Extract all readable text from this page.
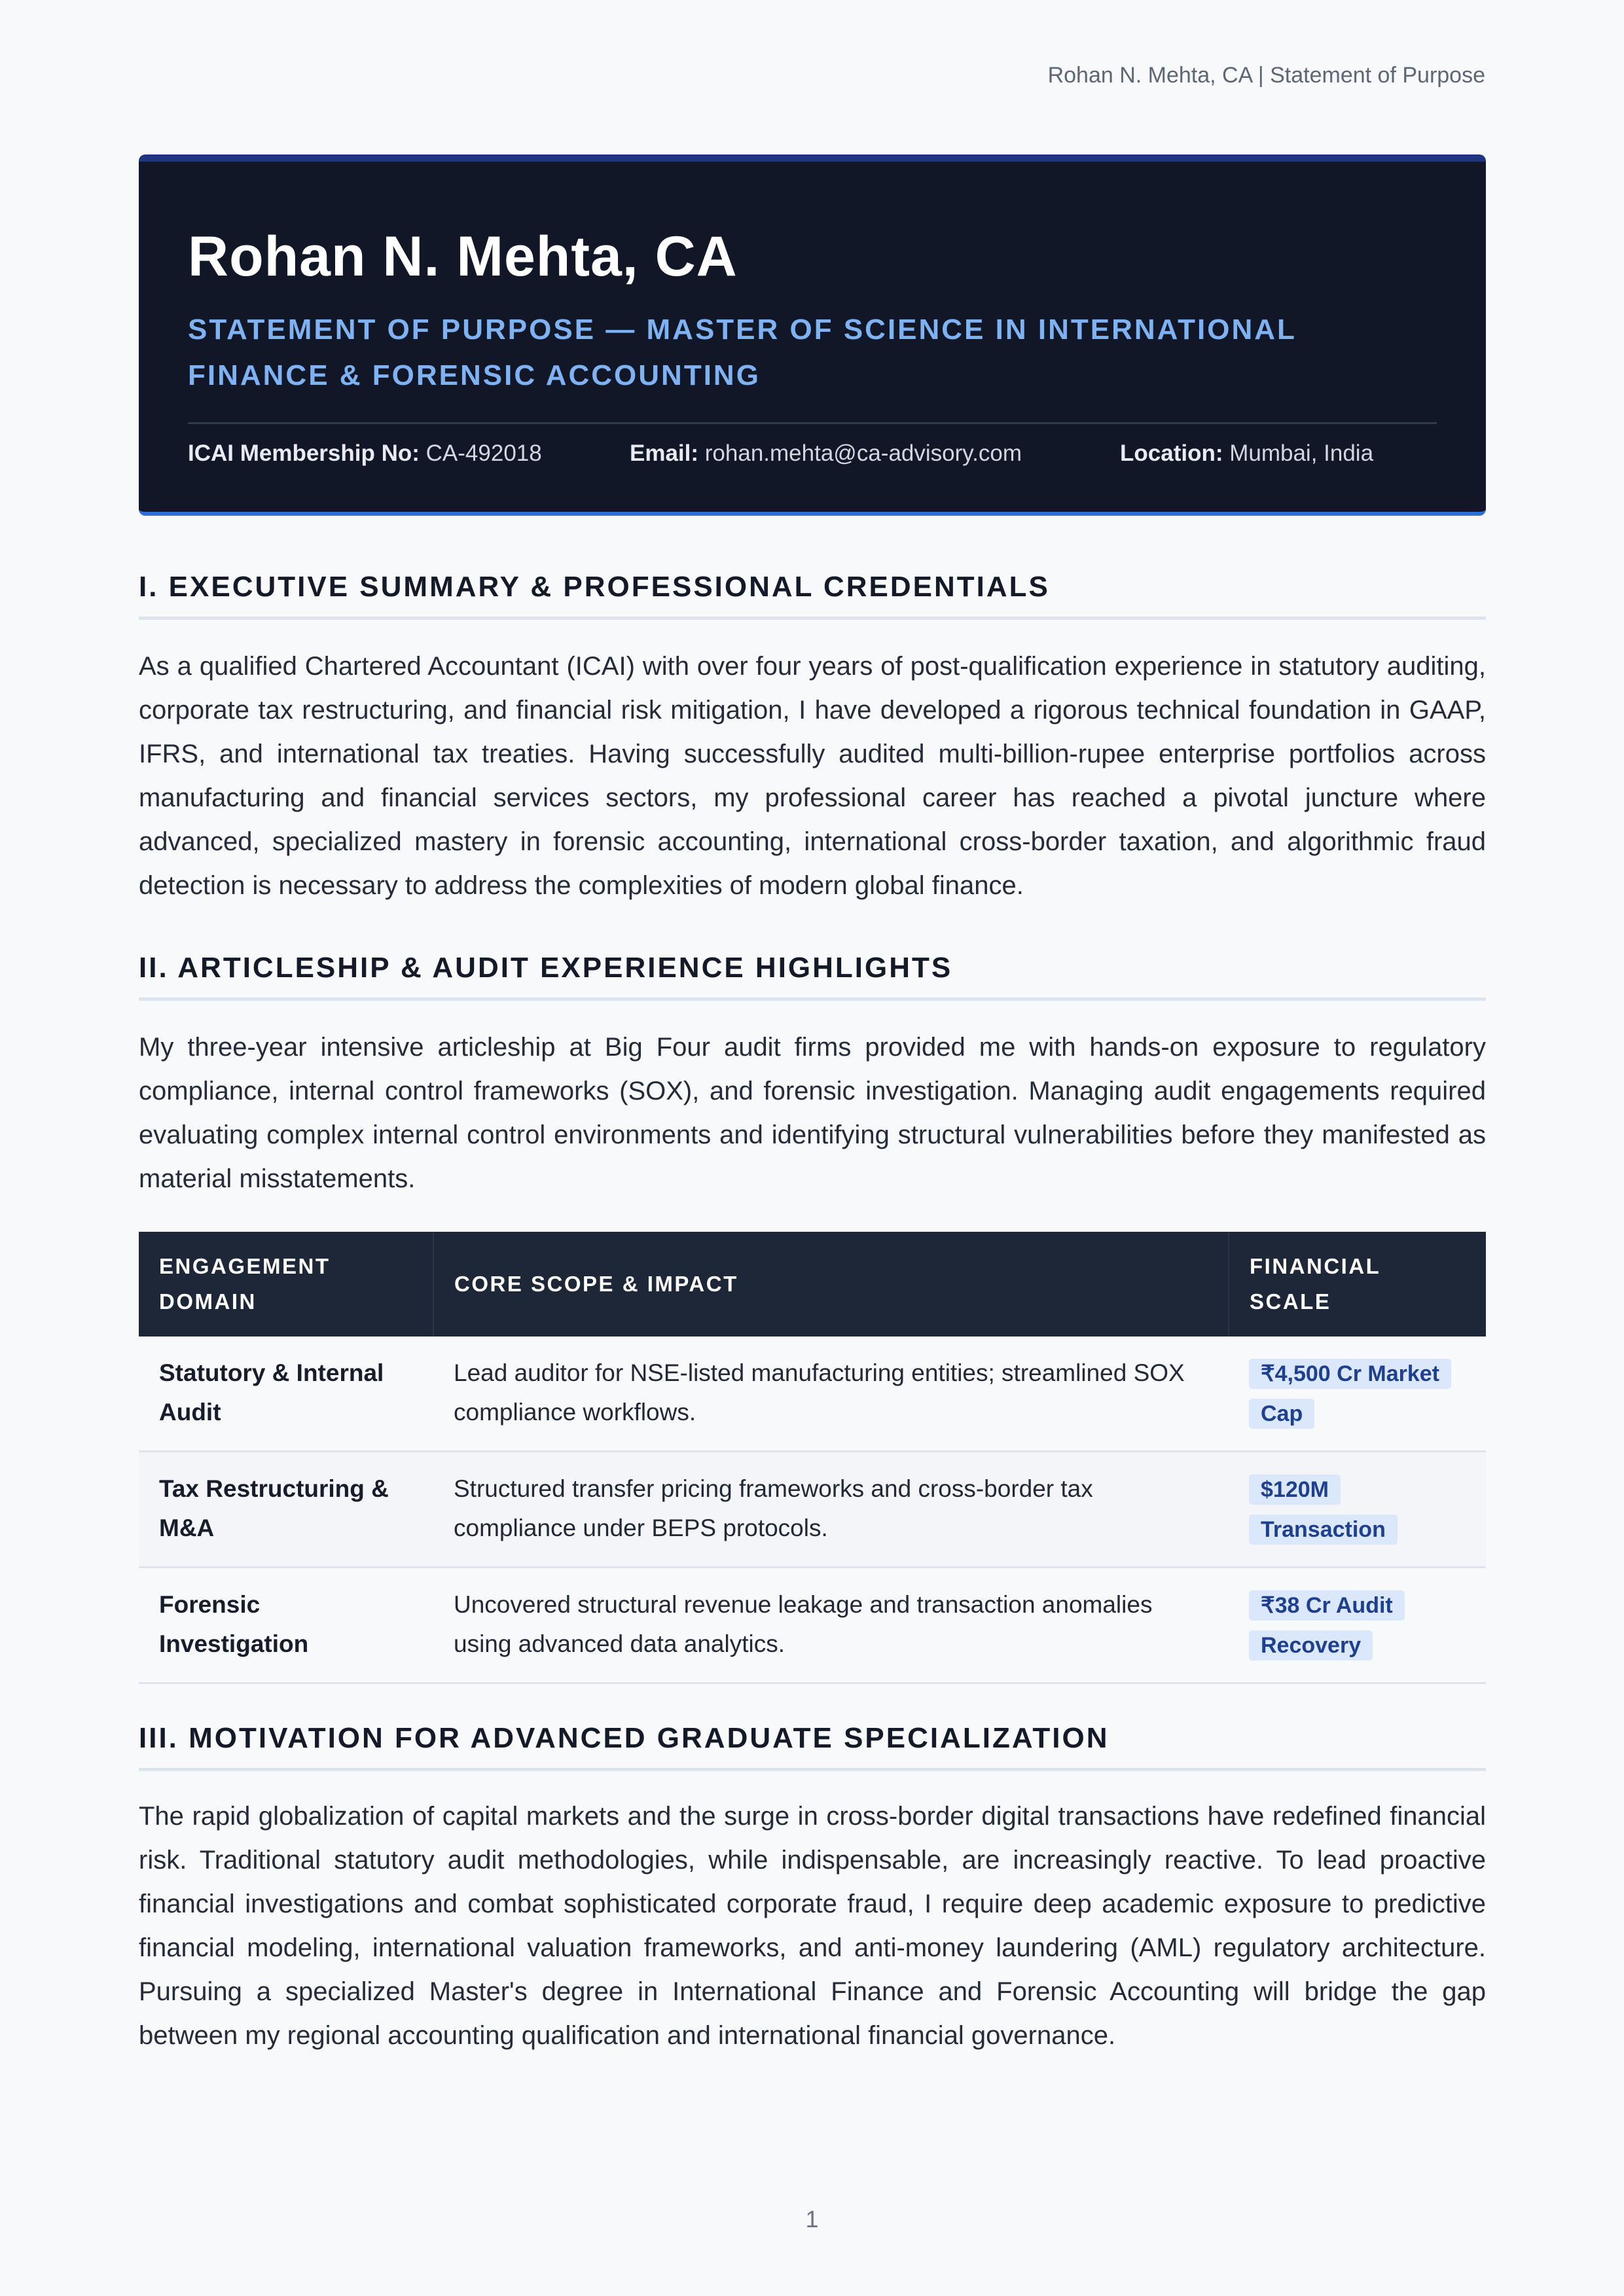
Rohan N. Mehta, CA | Statement of Purpose
Rohan N. Mehta, CA
STATEMENT OF PURPOSE — MASTER OF SCIENCE IN INTERNATIONAL FINANCE & FORENSIC ACCOUNTING
ICAI Membership No: CA-492018	Email: rohan.mehta@ca-advisory.com	Location: Mumbai, India
I. EXECUTIVE SUMMARY & PROFESSIONAL CREDENTIALS

As a qualified Chartered Accountant (ICAI) with over four years of post-qualification experience in statutory auditing, corporate tax restructuring, and financial risk mitigation, I have developed a rigorous technical foundation in GAAP, IFRS, and international tax treaties. Having successfully audited multi-billion-rupee enterprise portfolios across manufacturing and financial services sectors, my professional career has reached a pivotal juncture where advanced, specialized mastery in forensic accounting, international cross-border taxation, and algorithmic fraud detection is necessary to address the complexities of modern global finance.

II. ARTICLESHIP & AUDIT EXPERIENCE HIGHLIGHTS

My three-year intensive articleship at Big Four audit firms provided me with hands-on exposure to regulatory compliance, internal control frameworks (SOX), and forensic investigation. Managing audit engagements required evaluating complex internal control environments and identifying structural vulnerabilities before they manifested as material misstatements.

ENGAGEMENT DOMAIN	CORE SCOPE & IMPACT	FINANCIAL SCALE
Statutory & Internal Audit	Lead auditor for NSE-listed manufacturing entities; streamlined SOX compliance workflows.	₹4,500 Cr Market Cap
Tax Restructuring & M&A	Structured transfer pricing frameworks and cross-border tax compliance under BEPS protocols.	$120M Transaction
Forensic Investigation	Uncovered structural revenue leakage and transaction anomalies using advanced data analytics.	₹38 Cr Audit Recovery
III. MOTIVATION FOR ADVANCED GRADUATE SPECIALIZATION

The rapid globalization of capital markets and the surge in cross-border digital transactions have redefined financial risk. Traditional statutory audit methodologies, while indispensable, are increasingly reactive. To lead proactive financial investigations and combat sophisticated corporate fraud, I require deep academic exposure to predictive financial modeling, international valuation frameworks, and anti-money laundering (AML) regulatory architecture. Pursuing a specialized Master's degree in International Finance and Forensic Accounting will bridge the gap between my regional accounting qualification and international financial governance.

1
